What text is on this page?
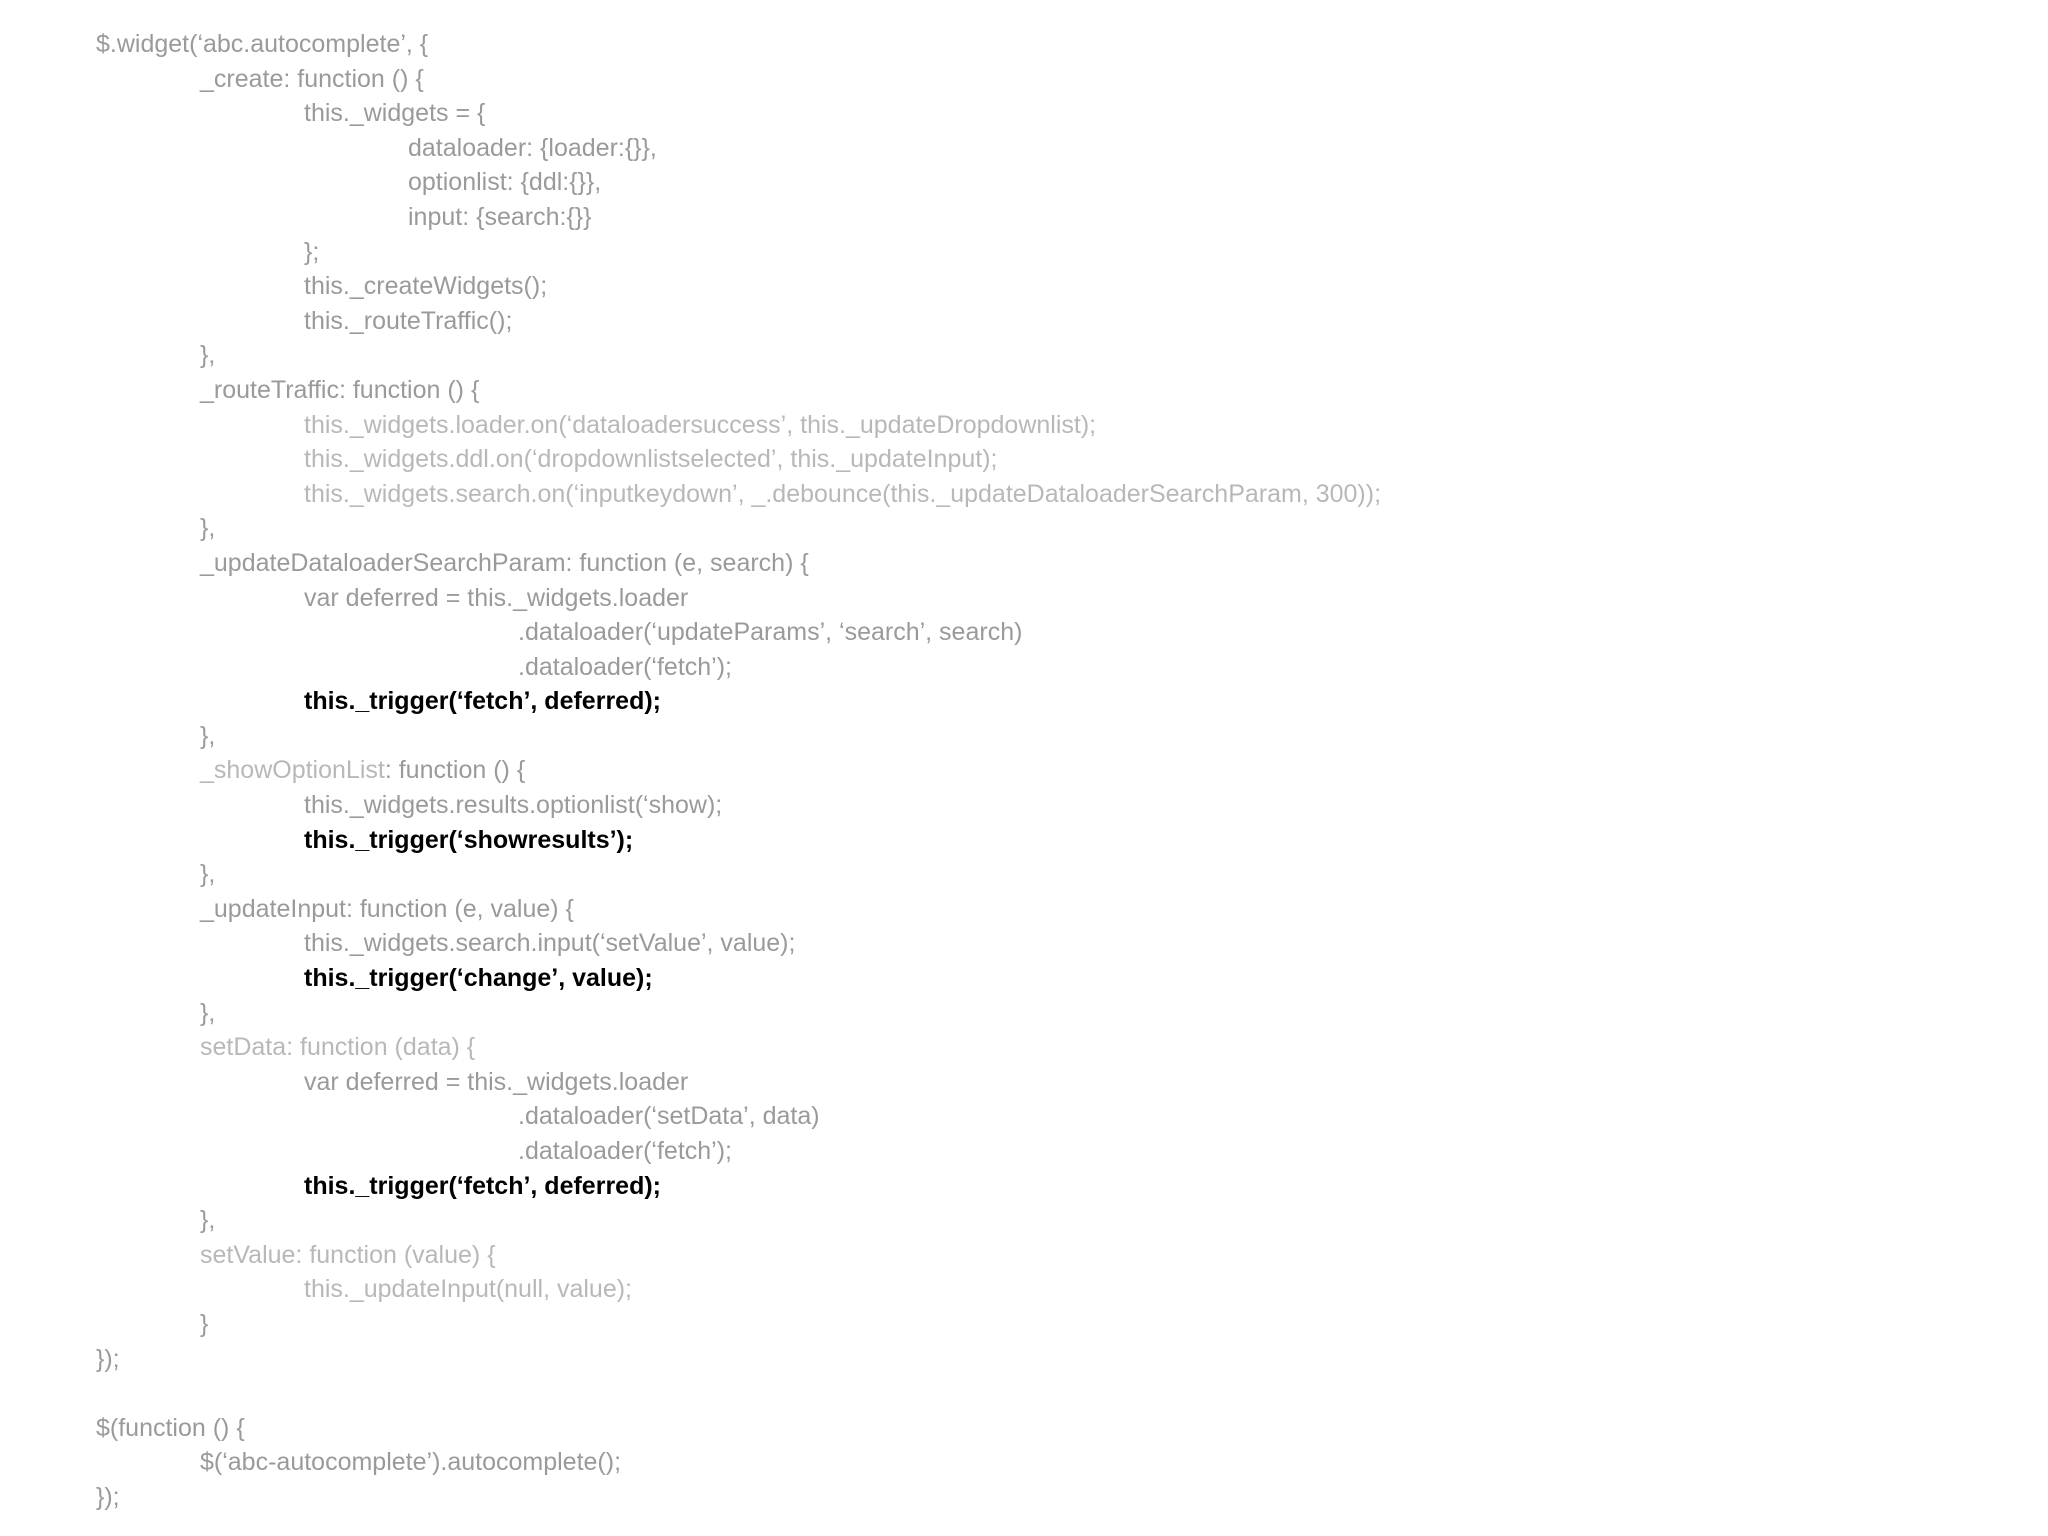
$.widget(‘abc.autocomplete’, {
_create: function () {
this._widgets = {
dataloader: {loader:{}},
optionlist: {ddl:{}},
input: {search:{}}
};
this._createWidgets();
this._routeTraffic();
},
_routeTraffic: function () {
this._widgets.loader.on(‘dataloadersuccess’, this._updateDropdownlist);
this._widgets.ddl.on(‘dropdownlistselected’, this._updateInput);
this._widgets.search.on(‘inputkeydown’, _.debounce(this._updateDataloaderSearchParam, 300));
},
_updateDataloaderSearchParam: function (e, search) {
var deferred = this._widgets.loader
.dataloader(‘updateParams’, ‘search’, search)
.dataloader(‘fetch’);
this._trigger(‘fetch’, deferred);
},
_showOptionList: function () {
this._widgets.results.optionlist(‘show);
this._trigger(‘showresults’);
},
_updateInput: function (e, value) {
this._widgets.search.input(‘setValue’, value);
this._trigger(‘change’, value);
},
setData: function (data) {
var deferred = this._widgets.loader
.dataloader(‘setData’, data)
.dataloader(‘fetch’);
this._trigger(‘fetch’, deferred);
},
setValue: function (value) {
this._updateInput(null, value);
}
});
$(function () {
$(‘abc-autocomplete’).autocomplete();
});
